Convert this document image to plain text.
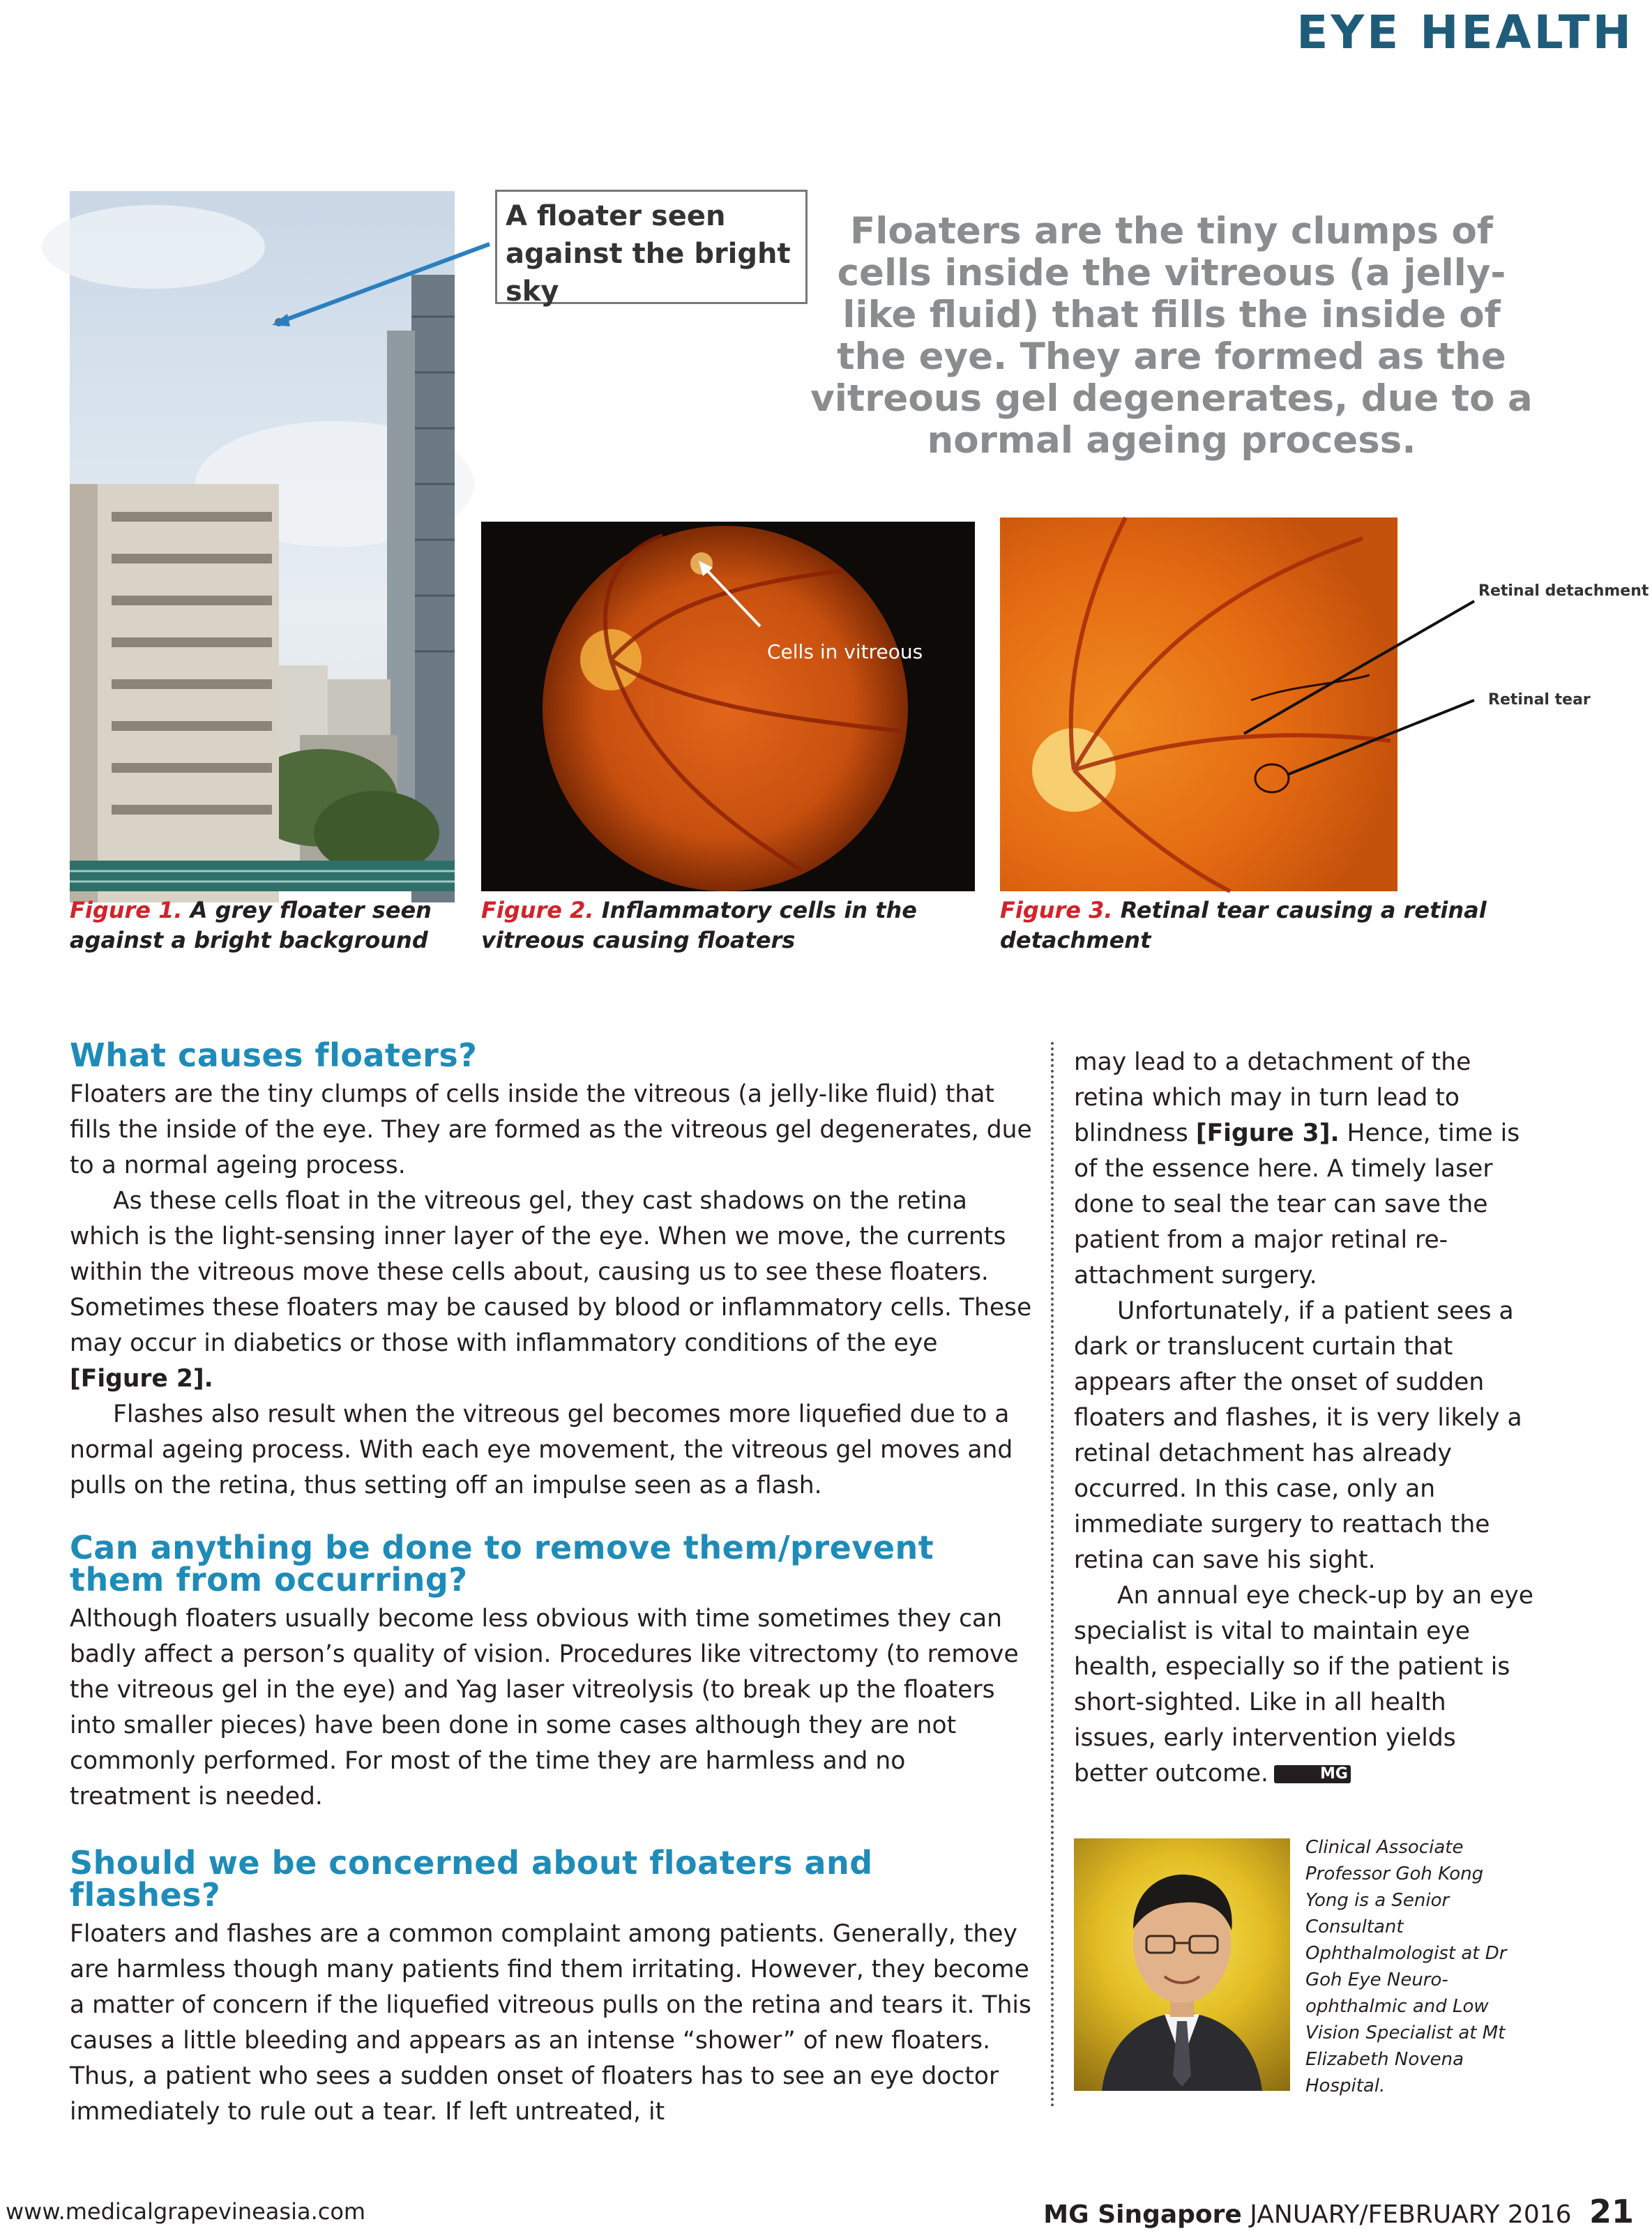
EYE HEALTH
A floater seen against the bright sky
Floaters are the tiny clumps of cells inside the vitreous (a jelly-like fluid) that fills the inside of the eye. They are formed as the vitreous gel degenerates, due to a normal ageing process.
Cells in vitreous
Retinal detachment
Retinal tear
Figure 1. A grey floater seen against a bright background
Figure 2. Inflammatory cells in the vitreous causing floaters
Figure 3. Retinal tear causing a retinal detachment
What causes floaters?

Floaters are the tiny clumps of cells inside the vitreous (a jelly-like fluid) that fills the inside of the eye. They are formed as the vitreous gel degenerates, due to a normal ageing process.

As these cells float in the vitreous gel, they cast shadows on the retina which is the light-sensing inner layer of the eye. When we move, the currents within the vitreous move these cells about, causing us to see these floaters. Sometimes these floaters may be caused by blood or inflammatory cells. These may occur in diabetics or those with inflammatory conditions of the eye [Figure 2].

Flashes also result when the vitreous gel becomes more liquefied due to a normal ageing process. With each eye movement, the vitreous gel moves and pulls on the retina, thus setting off an impulse seen as a flash.

Can anything be done to remove them/prevent them from occurring?

Although floaters usually become less obvious with time sometimes they can badly affect a person’s quality of vision. Procedures like vitrectomy (to remove the vitreous gel in the eye) and Yag laser vitreolysis (to break up the floaters into smaller pieces) have been done in some cases although they are not commonly performed. For most of the time they are harmless and no treatment is needed.

Should we be concerned about floaters and flashes?

Floaters and flashes are a common complaint among patients. Generally, they are harmless though many patients find them irritating. However, they become a matter of concern if the liquefied vitreous pulls on the retina and tears it. This causes a little bleeding and appears as an intense “shower” of new floaters. Thus, a patient who sees a sudden onset of floaters has to see an eye doctor immediately to rule out a tear. If left untreated, it

may lead to a detachment of the retina which may in turn lead to blindness [Figure 3]. Hence, time is of the essence here. A timely laser done to seal the tear can save the patient from a major retinal re-attachment surgery.

Unfortunately, if a patient sees a dark or translucent curtain that appears after the onset of sudden floaters and flashes, it is very likely a retinal detachment has already occurred. In this case, only an immediate surgery to reattach the retina can save his sight.

An annual eye check-up by an eye specialist is vital to maintain eye health, especially so if the patient is short-sighted. Like in all health issues, early intervention yields better outcome.	MG

Clinical Associate Professor Goh Kong Yong is a Senior Consultant Ophthalmologist at Dr Goh Eye Neuro-ophthalmic and Low Vision Specialist at Mt Elizabeth Novena Hospital.
www.medicalgrapevineasia.com	MG Singapore JANUARY/FEBRUARY 2016 21
